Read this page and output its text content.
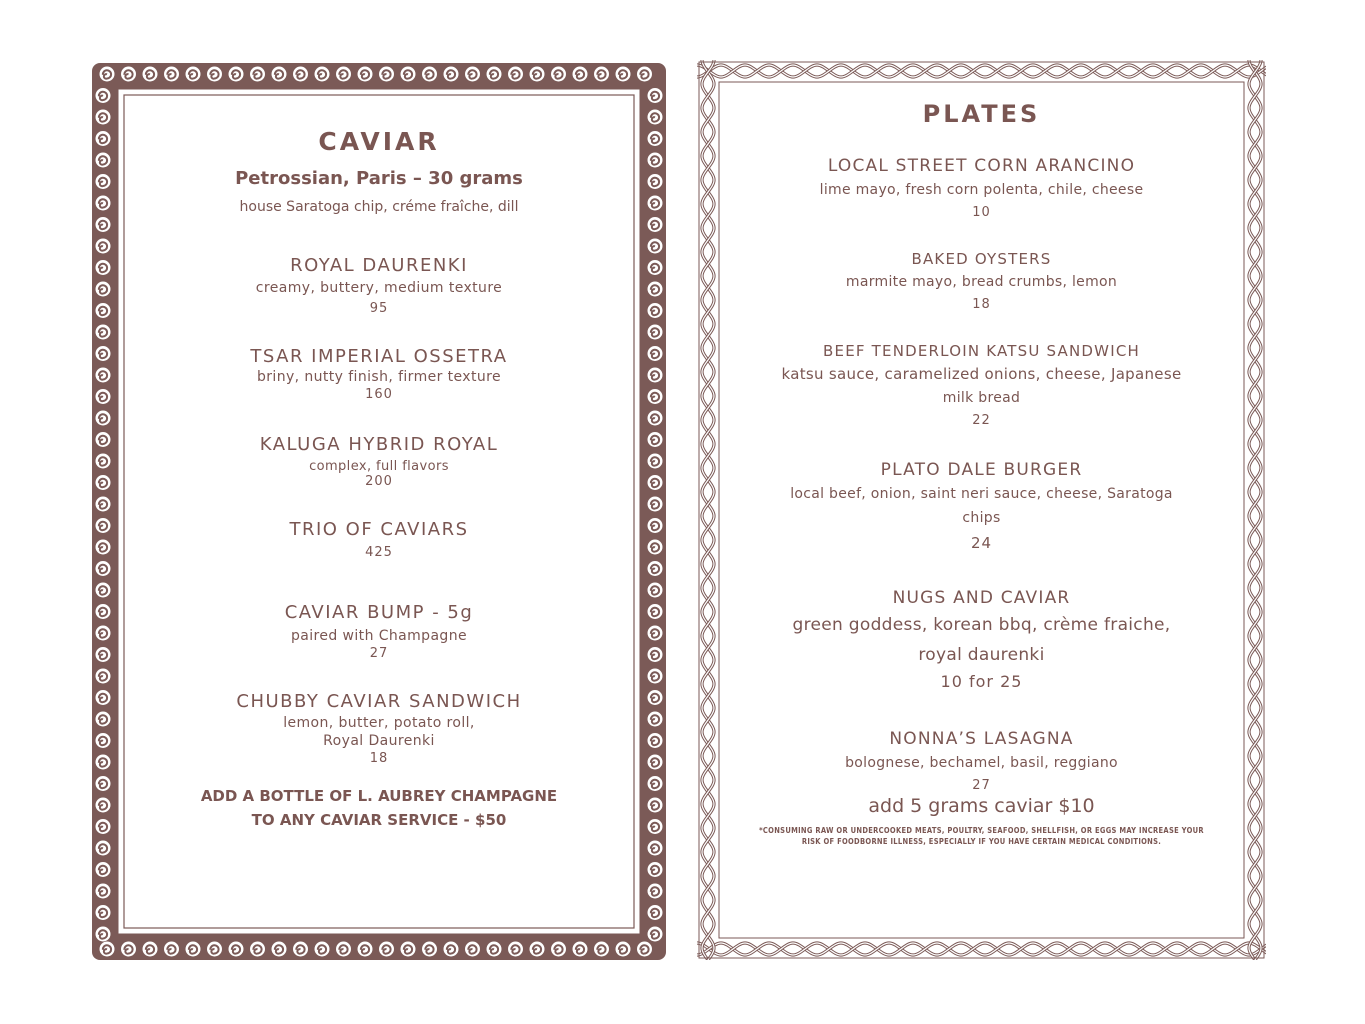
CAVIAR
Petrossian, Paris – 30 grams
house Saratoga chip, créme fraîche, dill
ROYAL DAURENKI
creamy, buttery, medium texture
95
TSAR IMPERIAL OSSETRA
briny, nutty finish, firmer texture
160
KALUGA HYBRID ROYAL
complex, full flavors
200
TRIO OF CAVIARS
425
CAVIAR BUMP - 5g
paired with Champagne
27
CHUBBY CAVIAR SANDWICH
lemon, butter, potato roll,
Royal Daurenki
18
ADD A BOTTLE OF L. AUBREY CHAMPAGNE
TO ANY CAVIAR SERVICE - $50
PLATES
LOCAL STREET CORN ARANCINO
lime mayo, fresh corn polenta, chile, cheese
10
BAKED OYSTERS
marmite mayo, bread crumbs, lemon
18
BEEF TENDERLOIN KATSU SANDWICH
katsu sauce, caramelized onions, cheese, Japanese
milk bread
22
PLATO DALE BURGER
local beef, onion, saint neri sauce, cheese, Saratoga
chips
24
NUGS AND CAVIAR
green goddess, korean bbq, crème fraiche,
royal daurenki
10 for 25
NONNA’S LASAGNA
bolognese, bechamel, basil, reggiano
27
add 5 grams caviar $10
*CONSUMING RAW OR UNDERCOOKED MEATS, POULTRY, SEAFOOD, SHELLFISH, OR EGGS MAY INCREASE YOUR
RISK OF FOODBORNE ILLNESS, ESPECIALLY IF YOU HAVE CERTAIN MEDICAL CONDITIONS.
